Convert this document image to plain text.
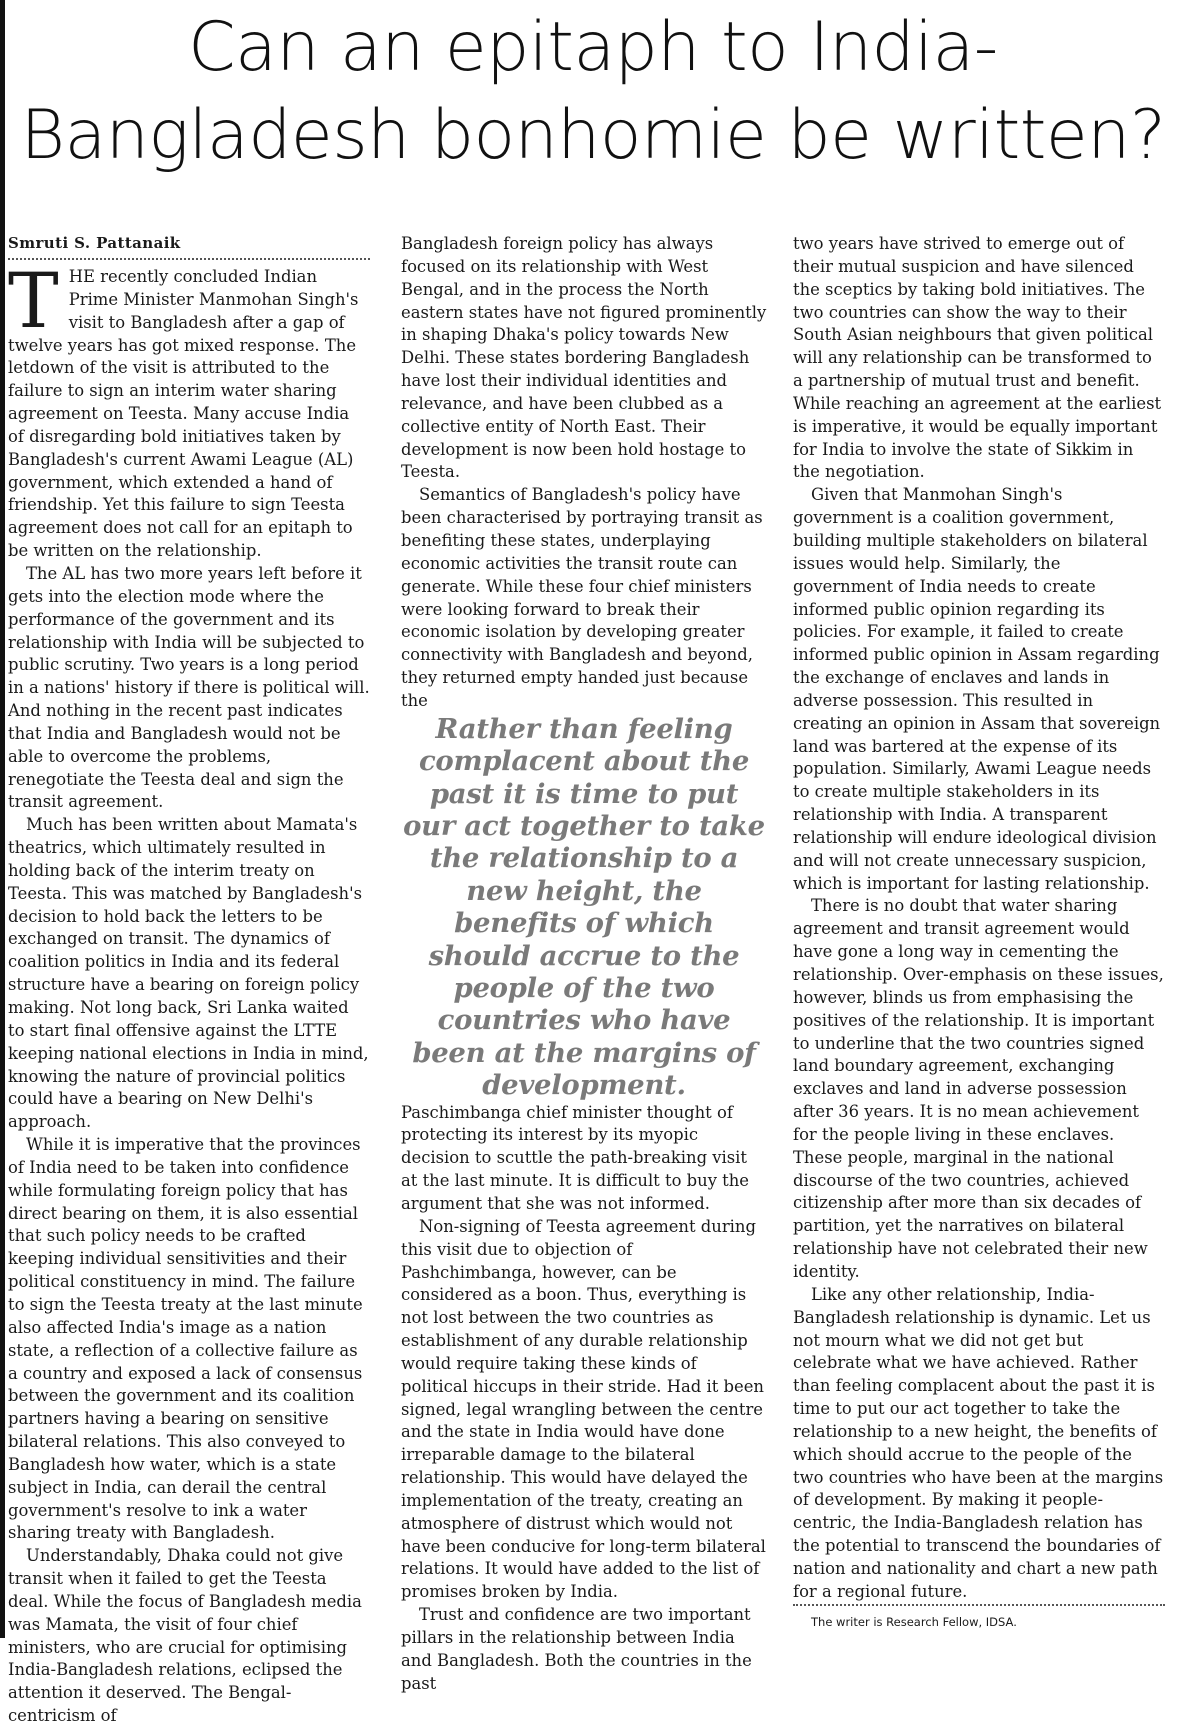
Can an epitaph to India-Bangladesh bonhomie be written?
Smruti S. Pattanaik

THE recently concluded Indian Prime Minister Manmohan Singh's visit to Bangladesh after a gap of twelve years has got mixed response. The letdown of the visit is attributed to the failure to sign an interim water sharing agreement on Teesta. Many accuse India of disregarding bold initiatives taken by Bangladesh's current Awami League (AL) government, which extended a hand of friendship. Yet this failure to sign Teesta agreement does not call for an epitaph to be written on the relationship.

The AL has two more years left before it gets into the election mode where the performance of the government and its relationship with India will be subjected to public scrutiny. Two years is a long period in a nations' history if there is political will. And nothing in the recent past indicates that India and Bangladesh would not be able to overcome the problems, renegotiate the Teesta deal and sign the transit agreement.

Much has been written about Mamata's theatrics, which ultimately resulted in holding back of the interim treaty on Teesta. This was matched by Bangladesh's decision to hold back the letters to be exchanged on transit. The dynamics of coalition politics in India and its federal structure have a bearing on foreign policy making. Not long back, Sri Lanka waited to start final offensive against the LTTE keeping national elections in India in mind, knowing the nature of provincial politics could have a bearing on New Delhi's approach.

While it is imperative that the provinces of India need to be taken into confidence while formulating foreign policy that has direct bearing on them, it is also essential that such policy needs to be crafted keeping individual sensitivities and their political constituency in mind. The failure to sign the Teesta treaty at the last minute also affected India's image as a nation state, a reflection of a collective failure as a country and exposed a lack of consensus between the government and its coalition partners having a bearing on sensitive bilateral relations. This also conveyed to Bangladesh how water, which is a state subject in India, can derail the central government's resolve to ink a water sharing treaty with Bangladesh.

Understandably, Dhaka could not give transit when it failed to get the Teesta deal. While the focus of Bangladesh media was Mamata, the visit of four chief ministers, who are crucial for optimising India-Bangladesh relations, eclipsed the attention it deserved. The Bengal-centricism of

Bangladesh foreign policy has always focused on its relationship with West Bengal, and in the process the North eastern states have not figured prominently in shaping Dhaka's policy towards New Delhi. These states bordering Bangladesh have lost their individual identities and relevance, and have been clubbed as a collective entity of North East. Their development is now been hold hostage to Teesta.

Semantics of Bangladesh's policy have been characterised by portraying transit as benefiting these states, underplaying economic activities the transit route can generate. While these four chief ministers were looking forward to break their economic isolation by developing greater connectivity with Bangladesh and beyond, they returned empty handed just because the

Rather than feeling complacent about the past it is time to put our act together to take the relationship to a new height, the benefits of which should accrue to the people of the two countries who have been at the margins of development.

Paschimbanga chief minister thought of protecting its interest by its myopic decision to scuttle the path-breaking visit at the last minute. It is difficult to buy the argument that she was not informed.

Non-signing of Teesta agreement during this visit due to objection of Pashchimbanga, however, can be considered as a boon. Thus, everything is not lost between the two countries as establishment of any durable relationship would require taking these kinds of political hiccups in their stride. Had it been signed, legal wrangling between the centre and the state in India would have done irreparable damage to the bilateral relationship. This would have delayed the implementation of the treaty, creating an atmosphere of distrust which would not have been conducive for long-term bilateral relations. It would have added to the list of promises broken by India.

Trust and confidence are two important pillars in the relationship between India and Bangladesh. Both the countries in the past

two years have strived to emerge out of their mutual suspicion and have silenced the sceptics by taking bold initiatives. The two countries can show the way to their South Asian neighbours that given political will any relationship can be transformed to a partnership of mutual trust and benefit. While reaching an agreement at the earliest is imperative, it would be equally important for India to involve the state of Sikkim in the negotiation.

Given that Manmohan Singh's government is a coalition government, building multiple stakeholders on bilateral issues would help. Similarly, the government of India needs to create informed public opinion regarding its policies. For example, it failed to create informed public opinion in Assam regarding the exchange of enclaves and lands in adverse possession. This resulted in creating an opinion in Assam that sovereign land was bartered at the expense of its population. Similarly, Awami League needs to create multiple stakeholders in its relationship with India. A transparent relationship will endure ideological division and will not create unnecessary suspicion, which is important for lasting relationship.

There is no doubt that water sharing agreement and transit agreement would have gone a long way in cementing the relationship. Over-emphasis on these issues, however, blinds us from emphasising the positives of the relationship. It is important to underline that the two countries signed land boundary agreement, exchanging exclaves and land in adverse possession after 36 years. It is no mean achievement for the people living in these enclaves. These people, marginal in the national discourse of the two countries, achieved citizenship after more than six decades of partition, yet the narratives on bilateral relationship have not celebrated their new identity.

Like any other relationship, India-Bangladesh relationship is dynamic. Let us not mourn what we did not get but celebrate what we have achieved. Rather than feeling complacent about the past it is time to put our act together to take the relationship to a new height, the benefits of which should accrue to the people of the two countries who have been at the margins of development. By making it people-centric, the India-Bangladesh relation has the potential to transcend the boundaries of nation and nationality and chart a new path for a regional future.

The writer is Research Fellow, IDSA.
